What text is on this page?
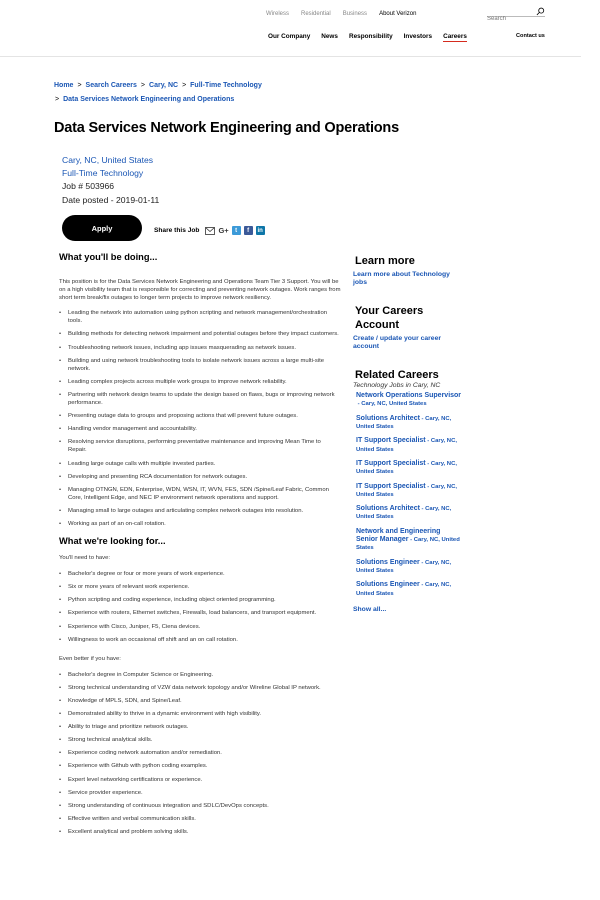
Wireless Residential Business About Verizon
Search
Our Company News Responsibility Investors Careers	Contact us
Home > Search Careers > Cary, NC > Full-Time Technology
> Data Services Network Engineering and Operations
Data Services Network Engineering and Operations
Cary, NC, United States
Full-Time Technology
Job # 503966
Date posted - 2019-01-11
Apply	Share this Job	G+	t	f	in
What you'll be doing...

This position is for the Data Services Network Engineering and Operations Team Tier 3 Support. You will be on a high visibility team that is responsible for correcting and preventing network outages. Work ranges from short term break/fix outages to longer term projects to improve network resiliency.

• Leading the network into automation using python scripting and network management/orchestration tools.
• Building methods for detecting network impairment and potential outages before they impact customers.
• Troubleshooting network issues, including app issues masquerading as network issues.
• Building and using network troubleshooting tools to isolate network issues across a large multi-site network.
• Leading complex projects across multiple work groups to improve network reliability.
• Partnering with network design teams to update the design based on flaws, bugs or improving network performance.
• Presenting outage data to groups and proposing actions that will prevent future outages.
• Handling vendor management and accountability.
• Resolving service disruptions, performing preventative maintenance and improving Mean Time to Repair.
• Leading large outage calls with multiple invested parties.
• Developing and presenting RCA documentation for network outages.
• Managing OTNGN, EDN, Enterprise, WDN, WSN, IT, WVN, FES, SDN /Spine/Leaf Fabric, Common Core, Intelligent Edge, and NEC IP environment network operations and support.
• Managing small to large outages and articulating complex network outages into resolution.
• Working as part of an on-call rotation.
What we're looking for...

You'll need to have:

• Bachelor's degree or four or more years of work experience.
• Six or more years of relevant work experience.
• Python scripting and coding experience, including object oriented programming.
• Experience with routers, Ethernet switches, Firewalls, load balancers, and transport equipment.
• Experience with Cisco, Juniper, F5, Ciena devices.
• Willingness to work an occasional off shift and an on call rotation.

Even better if you have:

• Bachelor's degree in Computer Science or Engineering.
• Strong technical understanding of VZW data network topology and/or Wireline Global IP network.
• Knowledge of MPLS, SDN, and Spine/Leaf.
• Demonstrated ability to thrive in a dynamic environment with high visibility.
• Ability to triage and prioritize network outages.
• Strong technical analytical skills.
• Experience coding network automation and/or remediation.
• Experience with Github with python coding examples.
• Expert level networking certifications or experience.
• Service provider experience.
• Strong understanding of continuous integration and SDLC/DevOps concepts.
• Effective written and verbal communication skills.
• Excellent analytical and problem solving skills.
Learn more
Learn more about Technology jobs
Your Careers Account
Create / update your career account
Related Careers
Technology Jobs in Cary, NC
Network Operations Supervisor - Cary, NC, United States
Solutions Architect - Cary, NC, United States
IT Support Specialist - Cary, NC, United States
IT Support Specialist - Cary, NC, United States
IT Support Specialist - Cary, NC, United States
Solutions Architect - Cary, NC, United States
Network and Engineering Senior Manager - Cary, NC, United States
Solutions Engineer - Cary, NC, United States
Solutions Engineer - Cary, NC, United States
Show all...
